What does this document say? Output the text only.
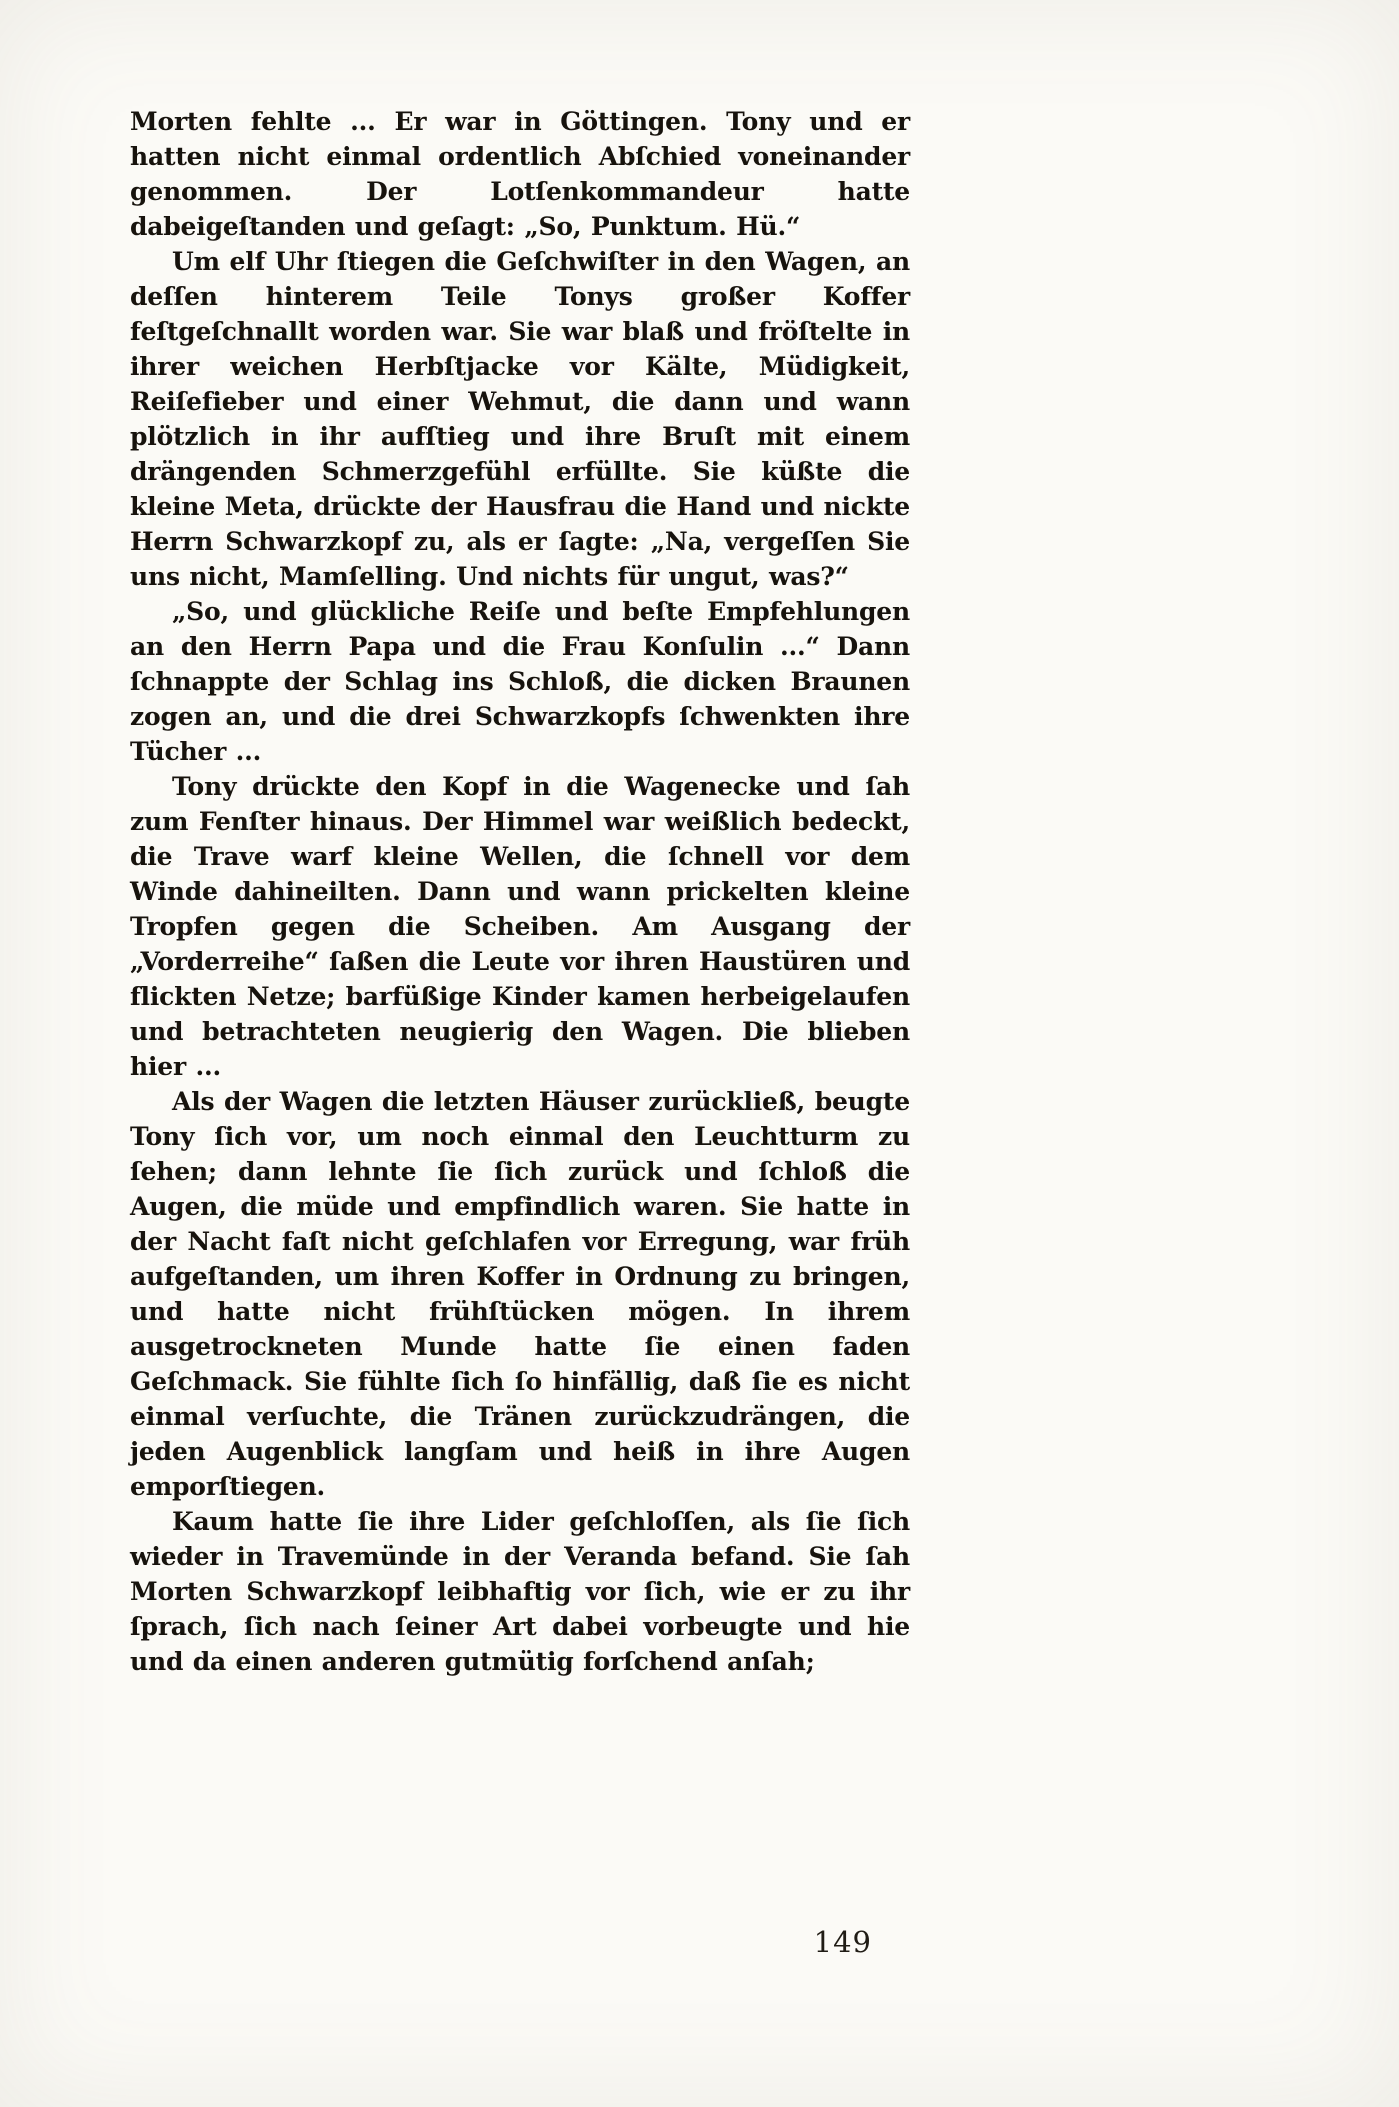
Morten fehlte ... Er war in Göttingen. Tony und er hatten nicht einmal ordentlich Abſchied voneinander genommen. Der Lotſenkommandeur hatte dabeigeſtanden und geſagt: „So, Punktum. Hü.“

Um elf Uhr ſtiegen die Geſchwiſter in den Wagen, an deſſen hinterem Teile Tonys großer Koffer feſtgeſchnallt worden war. Sie war blaß und fröſtelte in ihrer weichen Herbſtjacke vor Kälte, Müdigkeit, Reiſefieber und einer Wehmut, die dann und wann plötzlich in ihr aufſtieg und ihre Bruſt mit einem drängenden Schmerzgefühl erfüllte. Sie küßte die kleine Meta, drückte der Hausfrau die Hand und nickte Herrn Schwarzkopf zu, als er ſagte: „Na, vergeſſen Sie uns nicht, Mamſelling. Und nichts für ungut, was?“

„So, und glückliche Reiſe und beſte Empfehlungen an den Herrn Papa und die Frau Konſulin ...“ Dann ſchnappte der Schlag ins Schloß, die dicken Braunen zogen an, und die drei Schwarzkopfs ſchwenkten ihre Tücher ...

Tony drückte den Kopf in die Wagenecke und ſah zum Fenſter hinaus. Der Himmel war weißlich bedeckt, die Trave warf kleine Wellen, die ſchnell vor dem Winde dahineilten. Dann und wann prickelten kleine Tropfen gegen die Scheiben. Am Ausgang der „Vorderreihe“ ſaßen die Leute vor ihren Haustüren und flickten Netze; barfüßige Kinder kamen herbeigelaufen und betrachteten neugierig den Wagen. Die blieben hier ...

Als der Wagen die letzten Häuser zurückließ, beugte Tony ſich vor, um noch einmal den Leuchtturm zu ſehen; dann lehnte ſie ſich zurück und ſchloß die Augen, die müde und empfindlich waren. Sie hatte in der Nacht faſt nicht geſchlafen vor Erregung, war früh aufgeſtanden, um ihren Koffer in Ordnung zu bringen, und hatte nicht frühſtücken mögen. In ihrem ausgetrockneten Munde hatte ſie einen faden Geſchmack. Sie fühlte ſich ſo hinfällig, daß ſie es nicht einmal verſuchte, die Tränen zurückzudrängen, die jeden Augenblick langſam und heiß in ihre Augen emporſtiegen.

Kaum hatte ſie ihre Lider geſchloſſen, als ſie ſich wieder in Travemünde in der Veranda befand. Sie ſah Morten Schwarzkopf leibhaftig vor ſich, wie er zu ihr ſprach, ſich nach ſeiner Art dabei vorbeugte und hie und da einen anderen gutmütig forſchend anſah;

149
